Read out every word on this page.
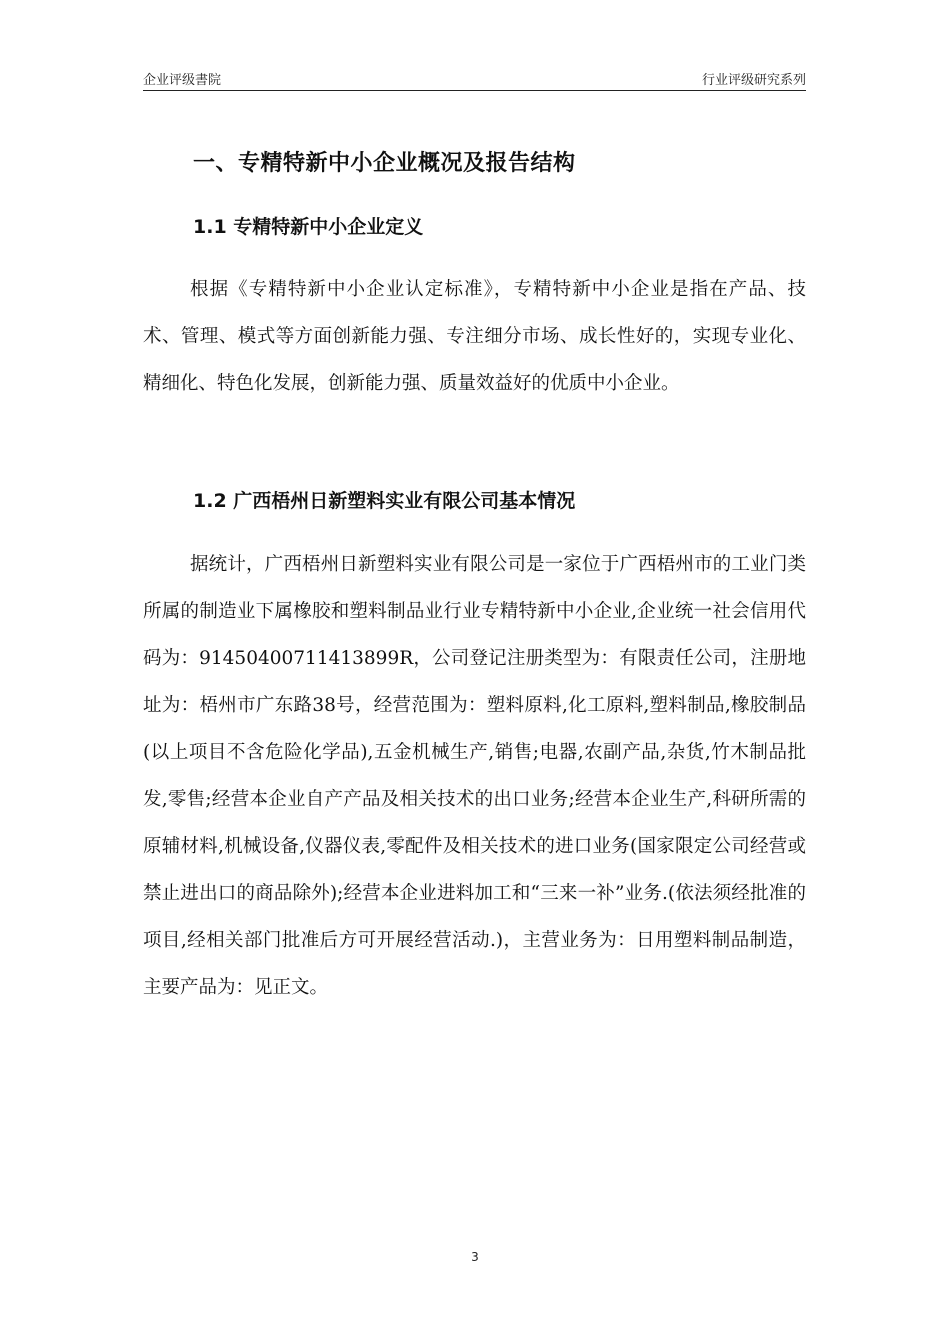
企业评级書院	行业评级研究系列
一、专精特新中小企业概况及报告结构
1.1 专精特新中小企业定义

根据《专精特新中小企业认定标准》，专精特新中小企业是指在产品、技术、管理、模式等方面创新能力强、专注细分市场、成长性好的，实现专业化、精细化、特色化发展，创新能力强、质量效益好的优质中小企业。

1.2 广西梧州日新塑料实业有限公司基本情况

据统计，广西梧州日新塑料实业有限公司是一家位于广西梧州市的工业门类所属的制造业下属橡胶和塑料制品业行业专精特新中小企业,企业统一社会信用代码为：91450400711413899R，公司登记注册类型为：有限责任公司，注册地址为：梧州市广东路38号，经营范围为：塑料原料,化工原料,塑料制品,橡胶制品(以上项目不含危险化学品),五金机械生产,销售;电器,农副产品,杂货,竹木制品批发,零售;经营本企业自产产品及相关技术的出口业务;经营本企业生产,科研所需的原辅材料,机械设备,仪器仪表,零配件及相关技术的进口业务(国家限定公司经营或禁止进出口的商品除外);经营本企业进料加工和“三来一补”业务.(依法须经批准的项目,经相关部门批准后方可开展经营活动.)，主营业务为：日用塑料制品制造，主要产品为：见正文。

3
